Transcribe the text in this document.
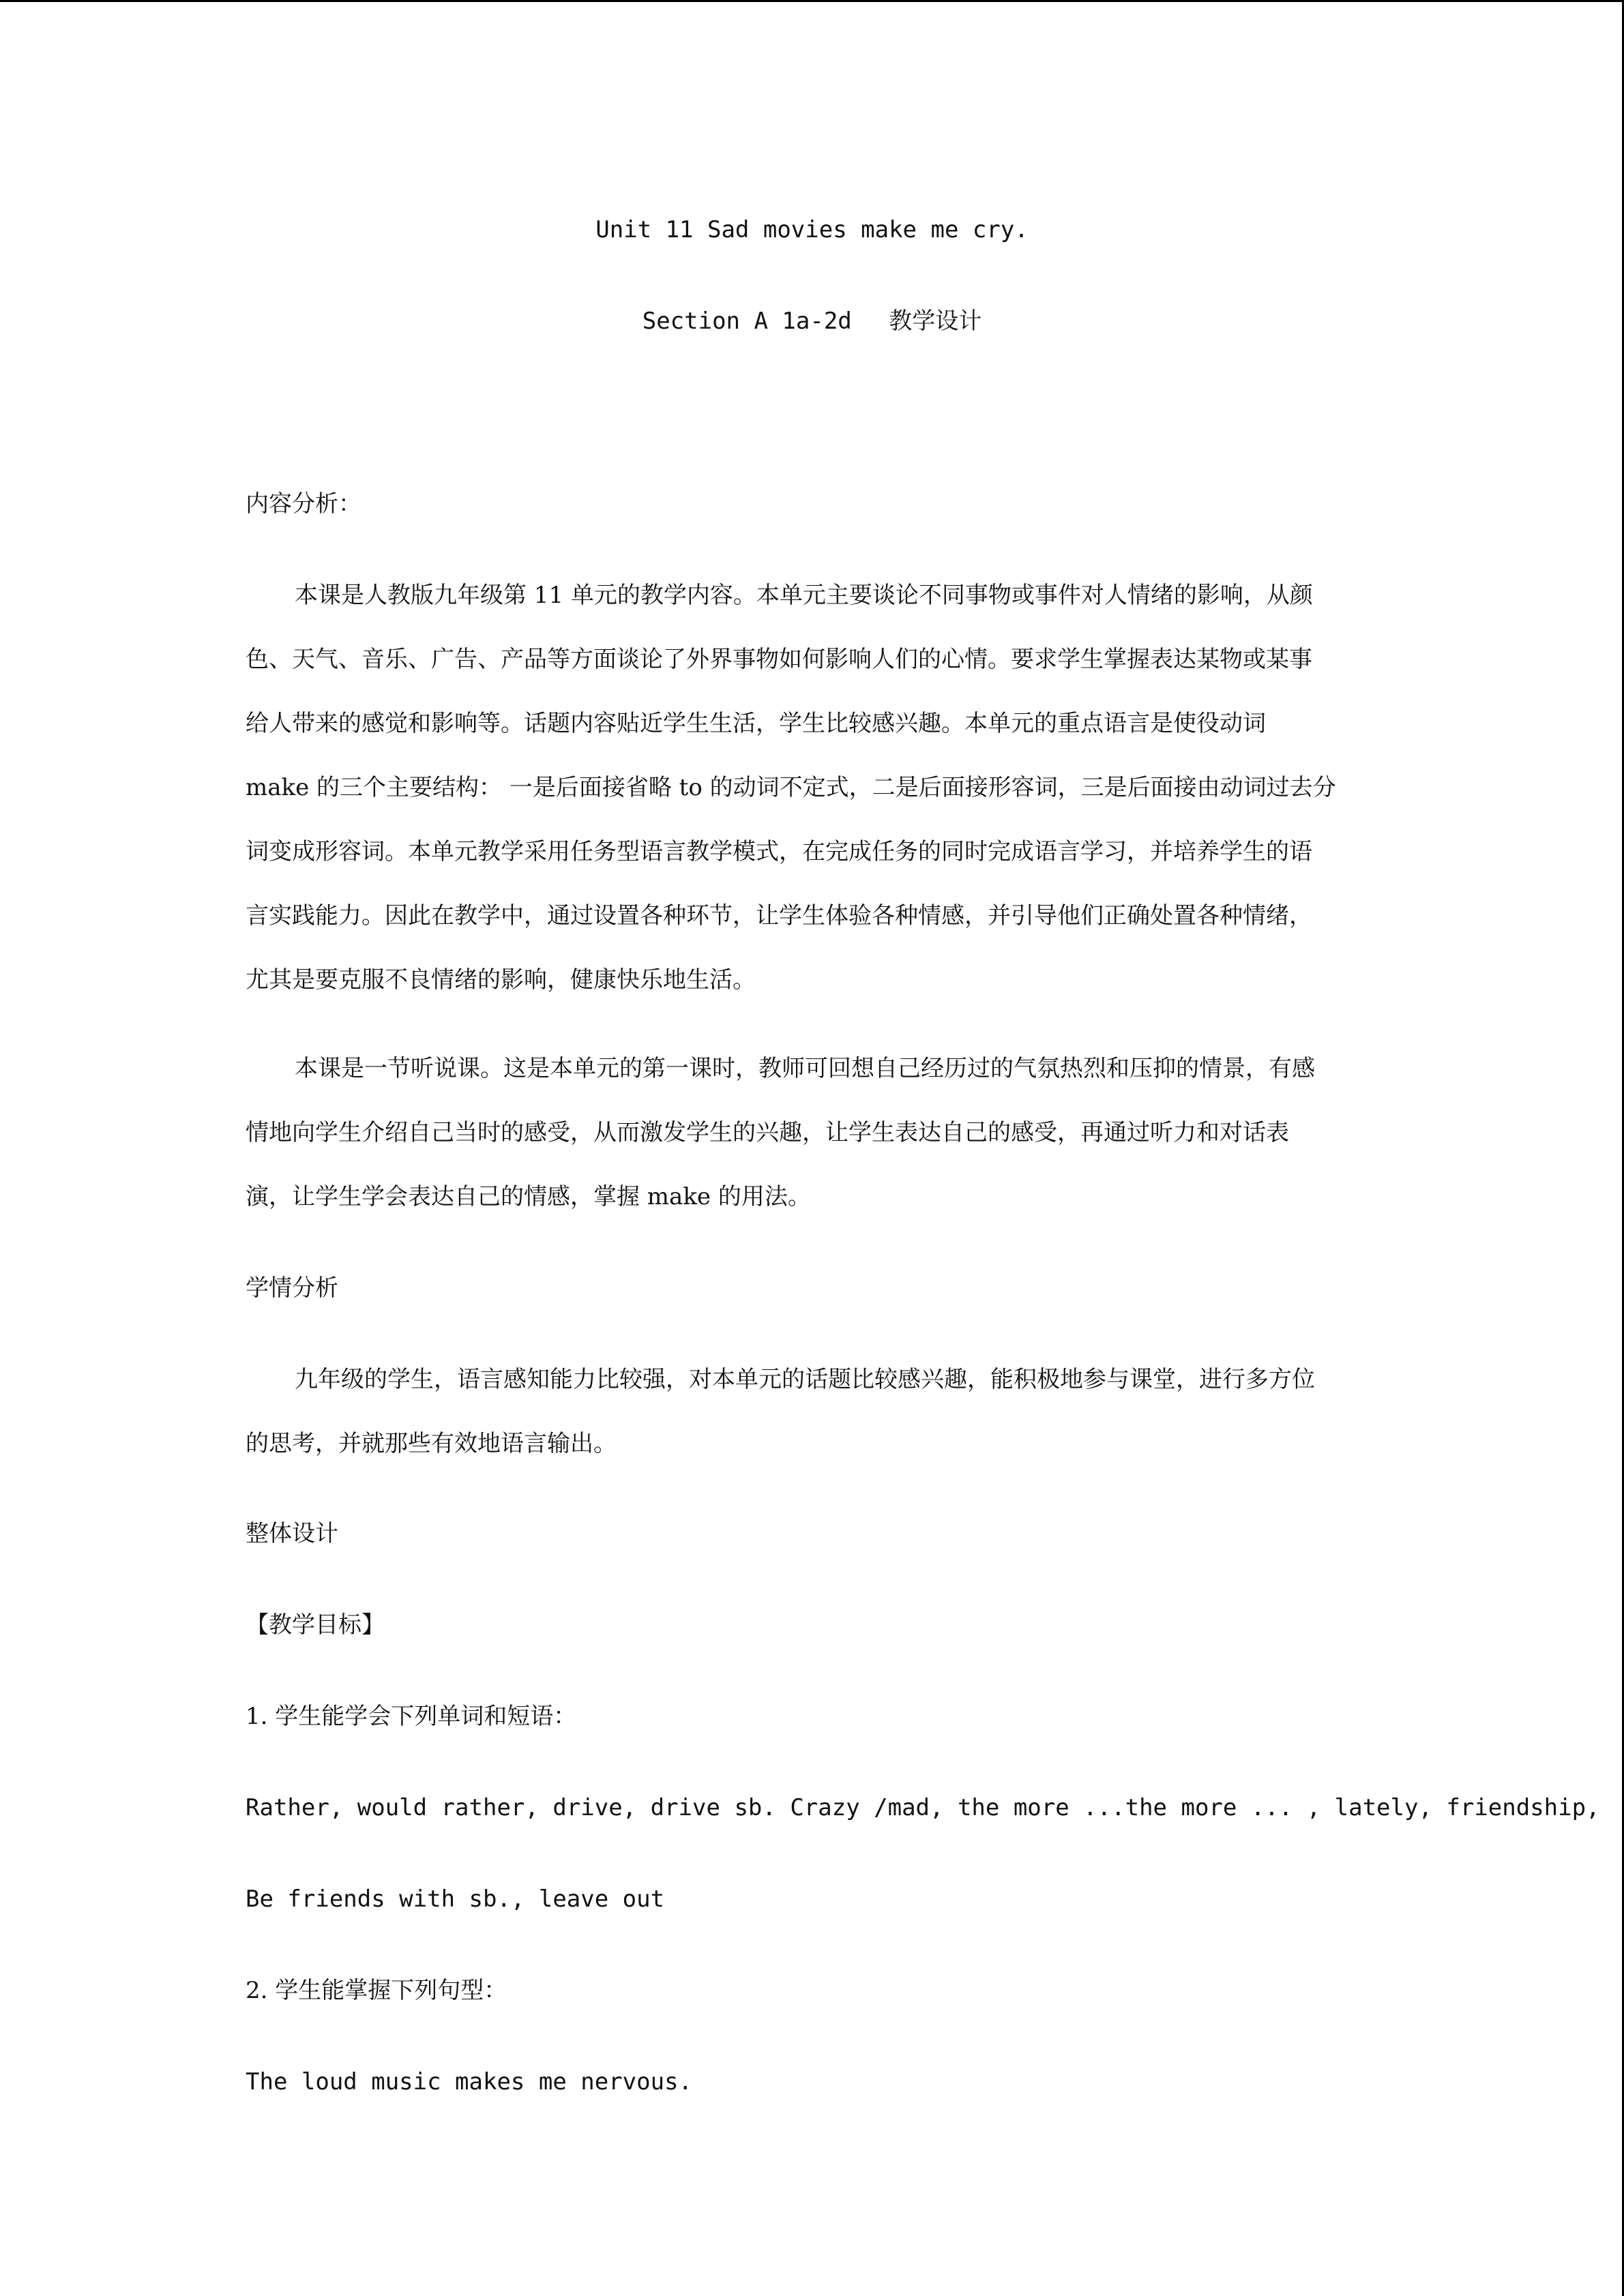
Unit 11 Sad movies make me cry.

Section A 1a-2d　 教学设计

内容分析：

本课是人教版九年级第 11 单元的教学内容。本单元主要谈论不同事物或事件对人情绪的影响，从颜

色、天气、音乐、广告、产品等方面谈论了外界事物如何影响人们的心情。要求学生掌握表达某物或某事

给人带来的感觉和影响等。话题内容贴近学生生活，学生比较感兴趣。本单元的重点语言是使役动词

make 的三个主要结构： 一是后面接省略 to 的动词不定式，二是后面接形容词，三是后面接由动词过去分

词变成形容词。本单元教学采用任务型语言教学模式，在完成任务的同时完成语言学习，并培养学生的语

言实践能力。因此在教学中，通过设置各种环节，让学生体验各种情感，并引导他们正确处置各种情绪，

尤其是要克服不良情绪的影响，健康快乐地生活。

本课是一节听说课。这是本单元的第一课时，教师可回想自己经历过的气氛热烈和压抑的情景，有感

情地向学生介绍自己当时的感受，从而激发学生的兴趣，让学生表达自己的感受，再通过听力和对话表

演，让学生学会表达自己的情感，掌握 make 的用法。

学情分析

九年级的学生，语言感知能力比较强，对本单元的话题比较感兴趣，能积极地参与课堂，进行多方位

的思考，并就那些有效地语言输出。

整体设计

【教学目标】

1. 学生能学会下列单词和短语：

Rather, would rather, drive, drive sb. Crazy /mad, the more ...the more ... , lately, friendship,

Be friends with sb., leave out

2. 学生能掌握下列句型：

The loud music makes me nervous.
